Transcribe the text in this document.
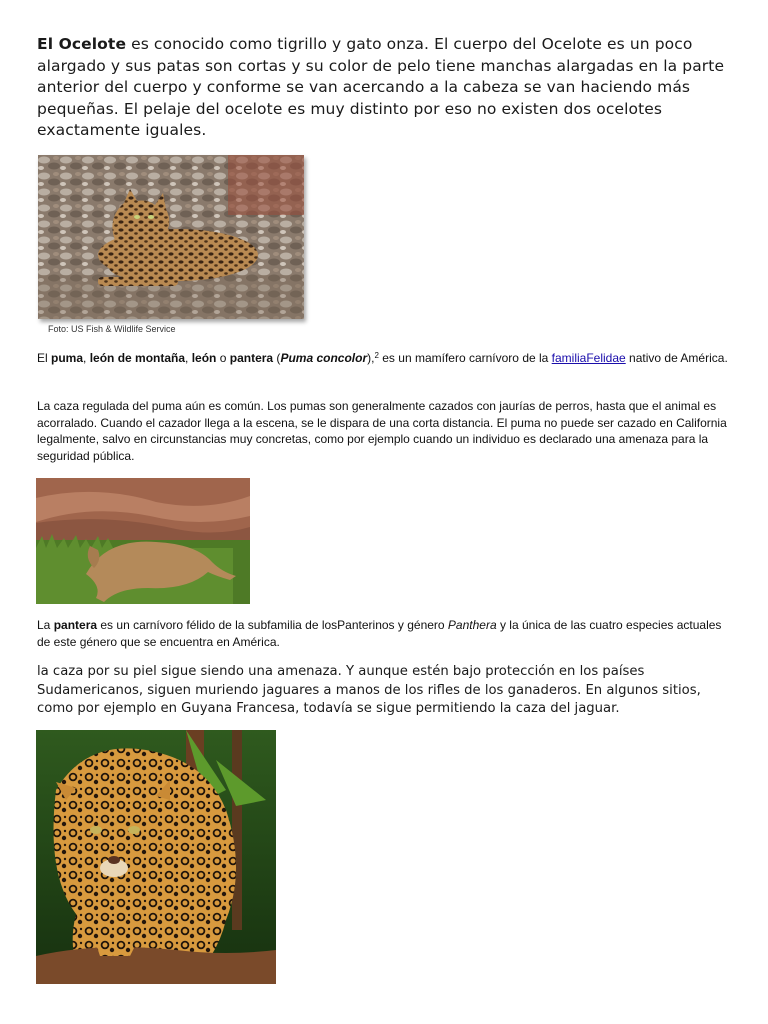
El Ocelote es conocido como tigrillo y gato onza. El cuerpo del Ocelote es un poco alargado y sus patas son cortas y su color de pelo tiene manchas alargadas en la parte anterior del cuerpo y conforme se van acercando a la cabeza se van haciendo más pequeñas. El pelaje del ocelote es muy distinto por eso no existen dos ocelotes exactamente iguales.
Foto: US Fish & Wildlife Service
El puma, león de montaña, león o pantera (Puma concolor),$^2$ es un mamífero carnívoro de la familiaFelidae nativo de América.
La caza regulada del puma aún es común. Los pumas son generalmente cazados con jaurías de perros, hasta que el animal es acorralado. Cuando el cazador llega a la escena, se le dispara de una corta distancia. El puma no puede ser cazado en California legalmente, salvo en circunstancias muy concretas, como por ejemplo cuando un individuo es declarado una amenaza para la seguridad pública.
La pantera es un carnívoro félido de la subfamilia de losPanterinos y género Panthera y la única de las cuatro especies actuales de este género que se encuentra en América.
la caza por su piel sigue siendo una amenaza. Y aunque estén bajo protección en los países Sudamericanos, siguen muriendo jaguares a manos de los rifles de los ganaderos. En algunos sitios, como por ejemplo en Guyana Francesa, todavía se sigue permitiendo la caza del jaguar.
